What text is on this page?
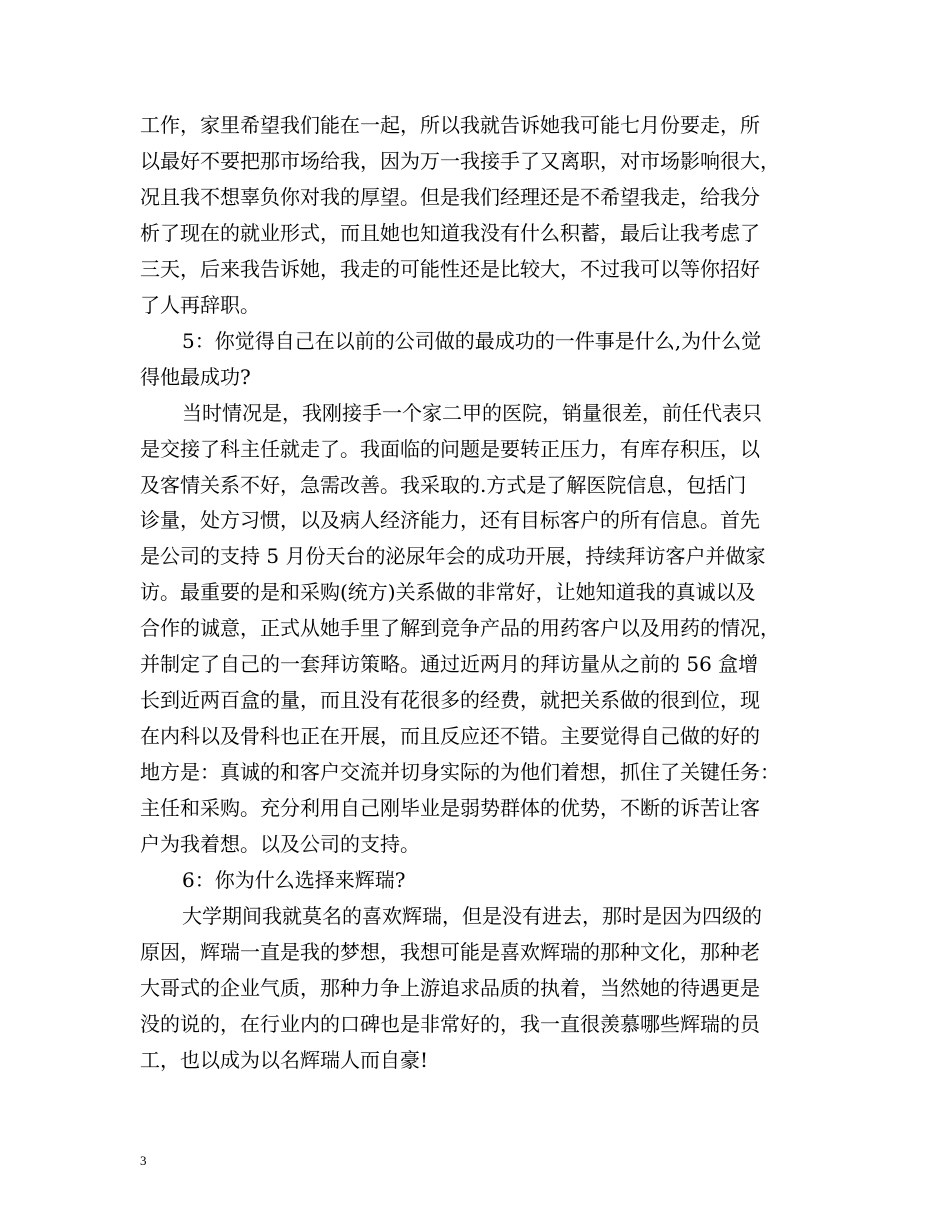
工作，家里希望我们能在一起，所以我就告诉她我可能七月份要走，所
以最好不要把那市场给我，因为万一我接手了又离职，对市场影响很大，
况且我不想辜负你对我的厚望。但是我们经理还是不希望我走，给我分
析了现在的就业形式，而且她也知道我没有什么积蓄，最后让我考虑了
三天，后来我告诉她，我走的可能性还是比较大，不过我可以等你招好
了人再辞职。
5：你觉得自己在以前的公司做的最成功的一件事是什么,为什么觉
得他最成功?
当时情况是，我刚接手一个家二甲的医院，销量很差，前任代表只
是交接了科主任就走了。我面临的问题是要转正压力，有库存积压，以
及客情关系不好，急需改善。我采取的.方式是了解医院信息，包括门
诊量，处方习惯，以及病人经济能力，还有目标客户的所有信息。首先
是公司的支持 5 月份天台的泌尿年会的成功开展，持续拜访客户并做家
访。最重要的是和采购(统方)关系做的非常好，让她知道我的真诚以及
合作的诚意，正式从她手里了解到竞争产品的用药客户以及用药的情况，
并制定了自己的一套拜访策略。通过近两月的拜访量从之前的 56 盒增
长到近两百盒的量，而且没有花很多的经费，就把关系做的很到位，现
在内科以及骨科也正在开展，而且反应还不错。主要觉得自己做的好的
地方是：真诚的和客户交流并切身实际的为他们着想，抓住了关键任务：
主任和采购。充分利用自己刚毕业是弱势群体的优势，不断的诉苦让客
户为我着想。以及公司的支持。
6：你为什么选择来辉瑞?
大学期间我就莫名的喜欢辉瑞，但是没有进去，那时是因为四级的
原因，辉瑞一直是我的梦想，我想可能是喜欢辉瑞的那种文化，那种老
大哥式的企业气质，那种力争上游追求品质的执着，当然她的待遇更是
没的说的，在行业内的口碑也是非常好的，我一直很羡慕哪些辉瑞的员
工，也以成为以名辉瑞人而自豪!
3
